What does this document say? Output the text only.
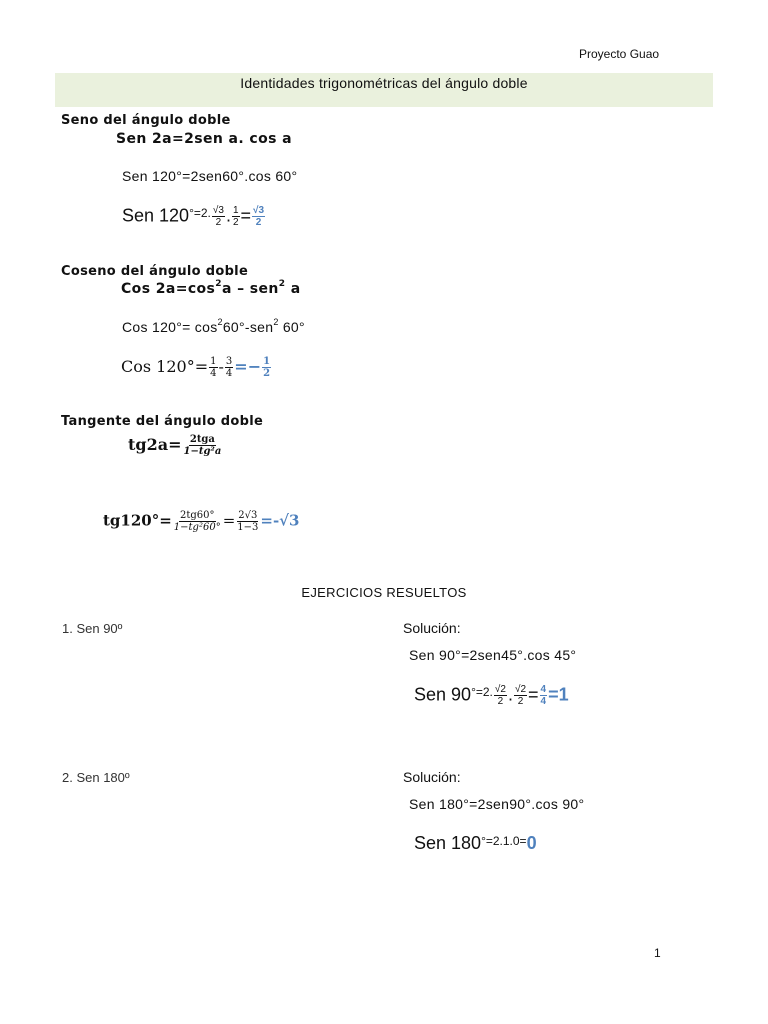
Proyecto Guao
Identidades trigonométricas del ángulo doble
Seno del ángulo doble
Sen 2a=2sen a. cos a
Sen 120°=2sen60°.cos 60°
Sen $120^{^\circ=2.} \frac{√3}{2}$ . $\frac{1}{2} = \frac{√3}{2}$
Coseno del ángulo doble
Cos $2a=\cos^2a - sen^2$ a
Cos $120^\circ= \cos^260^\circ-sen^2$ 60°
Cos $120^\circ= \frac{1}{4} - \frac{3}{4} =- \frac{1}{2}$
Tangente del ángulo doble
$tg2a= \frac{\text{2tga}}{\text{1−tg²a}}$
$tg120^\circ= \frac{2tg60^\circ}{\text{1−tg²60°}} = \frac{2√3}{1-3} =-√3$
EJERCICIOS RESUELTOS
1. Sen 90º	Solución:
Sen 90°=2sen45°.cos 45°
Sen $90^{^\circ=2.} \frac{√2}{2}$ . $\frac{√2}{2} = \frac{4}{4} =1$
2. Sen 180º	Solución:
Sen 180°=2sen90°.cos 90°
Sen $180^{^\circ=2.1.0=}0$
1
